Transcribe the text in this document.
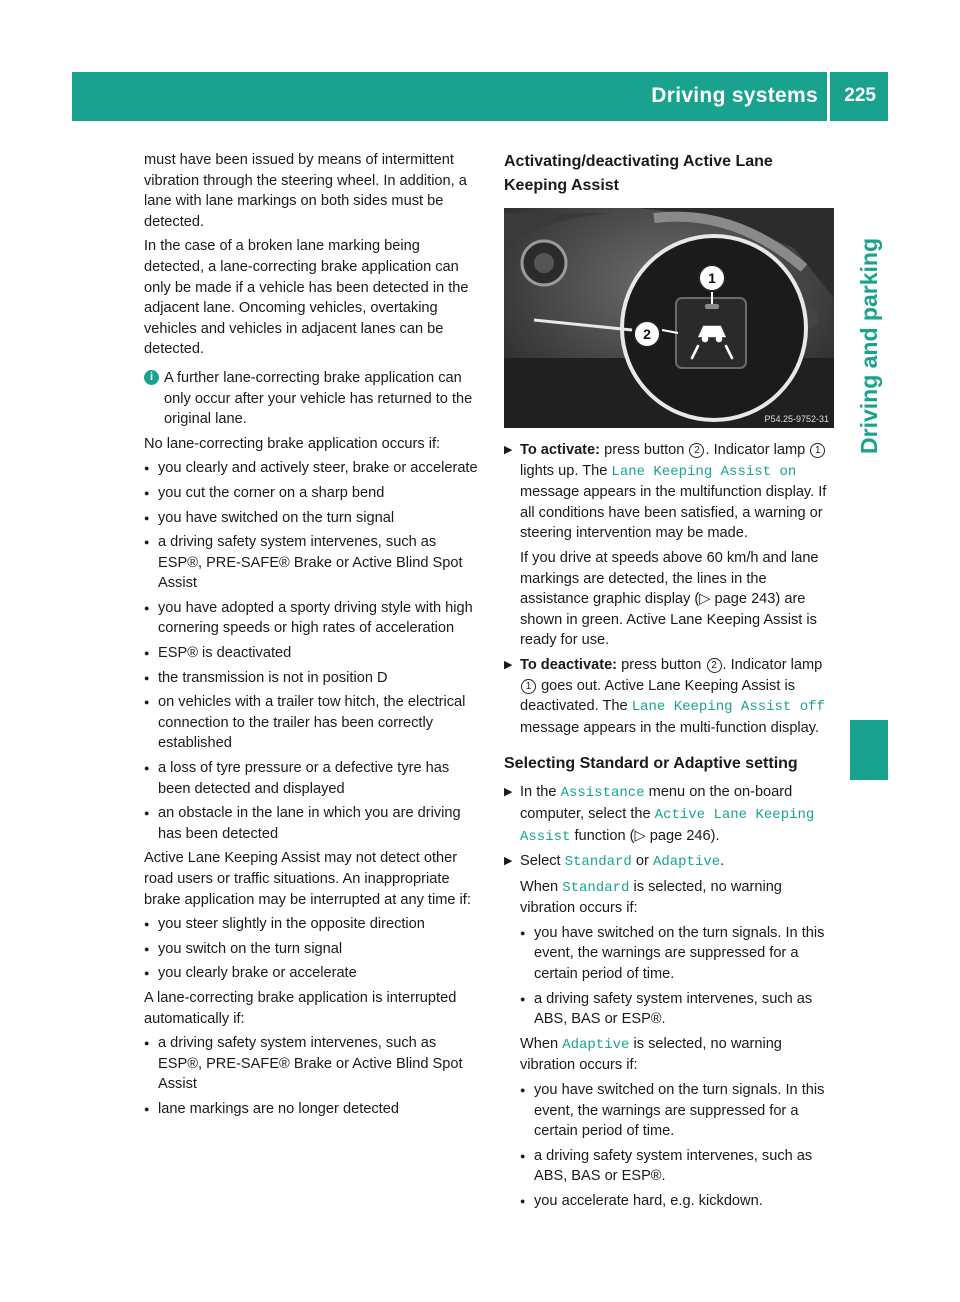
Driving systems 225
Driving and parking

must have been issued by means of intermittent vibration through the steering wheel. In addition, a lane with lane markings on both sides must be detected.

In the case of a broken lane marking being detected, a lane-correcting brake application can only be made if a vehicle has been detected in the adjacent lane. Oncoming vehicles, overtaking vehicles and vehicles in adjacent lanes can be detected.

i A further lane-correcting brake application can only occur after your vehicle has returned to the original lane.

No lane-correcting brake application occurs if:

● you clearly and actively steer, brake or accelerate
● you cut the corner on a sharp bend
● you have switched on the turn signal
● a driving safety system intervenes, such as ESP®, PRE-SAFE® Brake or Active Blind Spot Assist
● you have adopted a sporty driving style with high cornering speeds or high rates of acceleration
● ESP® is deactivated
● the transmission is not in position D
● on vehicles with a trailer tow hitch, the electrical connection to the trailer has been correctly established
● a loss of tyre pressure or a defective tyre has been detected and displayed
● an obstacle in the lane in which you are driving has been detected

Active Lane Keeping Assist may not detect other road users or traffic situations. An inappropriate brake application may be interrupted at any time if:

● you steer slightly in the opposite direction
● you switch on the turn signal
● you clearly brake or accelerate

A lane-correcting brake application is interrupted automatically if:

● a driving safety system intervenes, such as ESP®, PRE-SAFE® Brake or Active Blind Spot Assist
● lane markings are no longer detected
Activating/deactivating Active Lane Keeping Assist
1
2
P54.25-9752-31
▶ To activate: press button 2 . Indicator lamp 1 lights up. The Lane Keeping Assist on message appears in the multifunction display. If all conditions have been satisfied, a warning or steering intervention may be made.

If you drive at speeds above 60 km/h and lane markings are detected, the lines in the assistance graphic display (▷ page 243) are shown in green. Active Lane Keeping Assist is ready for use.

▶ To deactivate: press button 2 . Indicator lamp 1 goes out. Active Lane Keeping Assist is deactivated. The Lane Keeping Assist off message appears in the multi-function display.
Selecting Standard or Adaptive setting
▶ In the Assistance menu on the on-board computer, select the Active Lane Keeping Assist function (▷ page 246).
▶ Select Standard or Adaptive.
When Standard is selected, no warning vibration occurs if:
● you have switched on the turn signals. In this event, the warnings are suppressed for a certain period of time.
● a driving safety system intervenes, such as ABS, BAS or ESP®.
When Adaptive is selected, no warning vibration occurs if:
● you have switched on the turn signals. In this event, the warnings are suppressed for a certain period of time.
● a driving safety system intervenes, such as ABS, BAS or ESP®.
● you accelerate hard, e.g. kickdown.
